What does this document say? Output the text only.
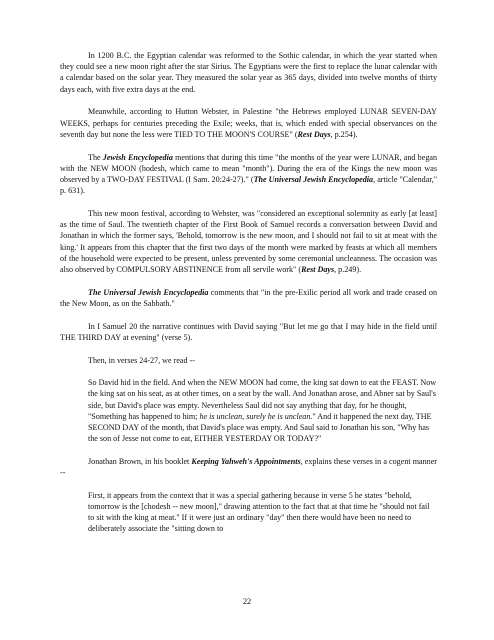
In 1200 B.C. the Egyptian calendar was reformed to the Sothic calendar, in which the year started when they could see a new moon right after the star Sirius. The Egyptians were the first to replace the lunar calendar with a calendar based on the solar year. They measured the solar year as 365 days, divided into twelve months of thirty days each, with five extra days at the end.

Meanwhile, according to Hutton Webster, in Palestine "the Hebrews employed LUNAR SEVEN-DAY WEEKS, perhaps for centuries preceding the Exile; weeks, that is, which ended with special observances on the seventh day but none the less were TIED TO THE MOON'S COURSE" (Rest Days, p.254).

The Jewish Encyclopedia mentions that during this time "the months of the year were LUNAR, and began with the NEW MOON (hodesh, which came to mean "month"). During the era of the Kings the new moon was observed by a TWO-DAY FESTIVAL (I Sam. 20:24-27)." (The Universal Jewish Encyclopedia, article "Calendar," p. 631).

This new moon festival, according to Webster, was "considered an exceptional solemnity as early [at least] as the time of Saul. The twentieth chapter of the First Book of Samuel records a conversation between David and Jonathan in which the former says, 'Behold, tomorrow is the new moon, and I should not fail to sit at meat with the king.' It appears from this chapter that the first two days of the month were marked by feasts at which all members of the household were expected to be present, unless prevented by some ceremonial uncleanness. The occasion was also observed by COMPULSORY ABSTINENCE from all servile work" (Rest Days, p.249).

The Universal Jewish Encyclopedia comments that "in the pre-Exilic period all work and trade ceased on the New Moon, as on the Sabbath."

In I Samuel 20 the narrative continues with David saying "But let me go that I may hide in the field until THE THIRD DAY at evening" (verse 5).

Then, in verses 24-27, we read --

So David hid in the field. And when the NEW MOON had come, the king sat down to eat the FEAST. Now the king sat on his seat, as at other times, on a seat by the wall. And Jonathan arose, and Abner sat by Saul's side, but David's place was empty. Nevertheless Saul did not say anything that day, for he thought, "Something has happened to him; he is unclean, surely he is unclean." And it happened the next day, THE SECOND DAY of the month, that David's place was empty. And Saul said to Jonathan his son, "Why has the son of Jesse not come to eat, EITHER YESTERDAY OR TODAY?"

Jonathan Brown, in his booklet Keeping Yahweh's Appointments, explains these verses in a cogent manner --

First, it appears from the context that it was a special gathering because in verse 5 he states "behold, tomorrow is the [chodesh -- new moon]," drawing attention to the fact that at that time he "should not fail to sit with the king at meat." If it were just an ordinary "day" then there would have been no need to deliberately associate the "sitting down to
22
